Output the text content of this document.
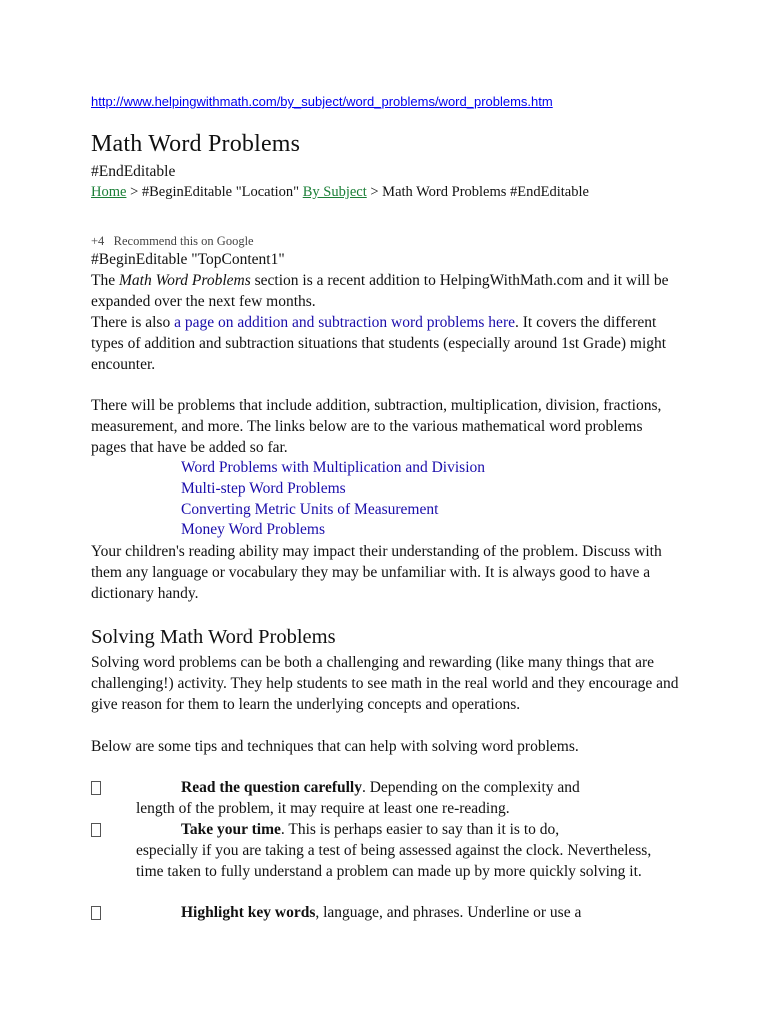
http://www.helpingwithmath.com/by_subject/word_problems/word_problems.htm
Math Word Problems
#EndEditable
Home > #BeginEditable "Location" By Subject > Math Word Problems #EndEditable
+4   Recommend this on Google
#BeginEditable "TopContent1"

The Math Word Problems section is a recent addition to HelpingWithMath.com and it will be expanded over the next few months.

There is also a page on addition and subtraction word problems here. It covers the different types of addition and subtraction situations that students (especially around 1st Grade) might encounter.

There will be problems that include addition, subtraction, multiplication, division, fractions, measurement, and more. The links below are to the various mathematical word problems pages that have be added so far.

Word Problems with Multiplication and Division
Multi-step Word Problems
Converting Metric Units of Measurement
Money Word Problems

Your children's reading ability may impact their understanding of the problem. Discuss with them any language or vocabulary they may be unfamiliar with. It is always good to have a dictionary handy.

Solving Math Word Problems

Solving word problems can be both a challenging and rewarding (like many things that are challenging!) activity. They help students to see math in the real world and they encourage and give reason for them to learn the underlying concepts and operations.

Below are some tips and techniques that can help with solving word problems.

Read the question carefully. Depending on the complexity and
length of the problem, it may require at least one re-reading.
Take your time. This is perhaps easier to say than it is to do,
especially if you are taking a test of being assessed against the clock. Nevertheless, time taken to fully understand a problem can made up by more quickly solving it.
Highlight key words, language, and phrases. Underline or use a
